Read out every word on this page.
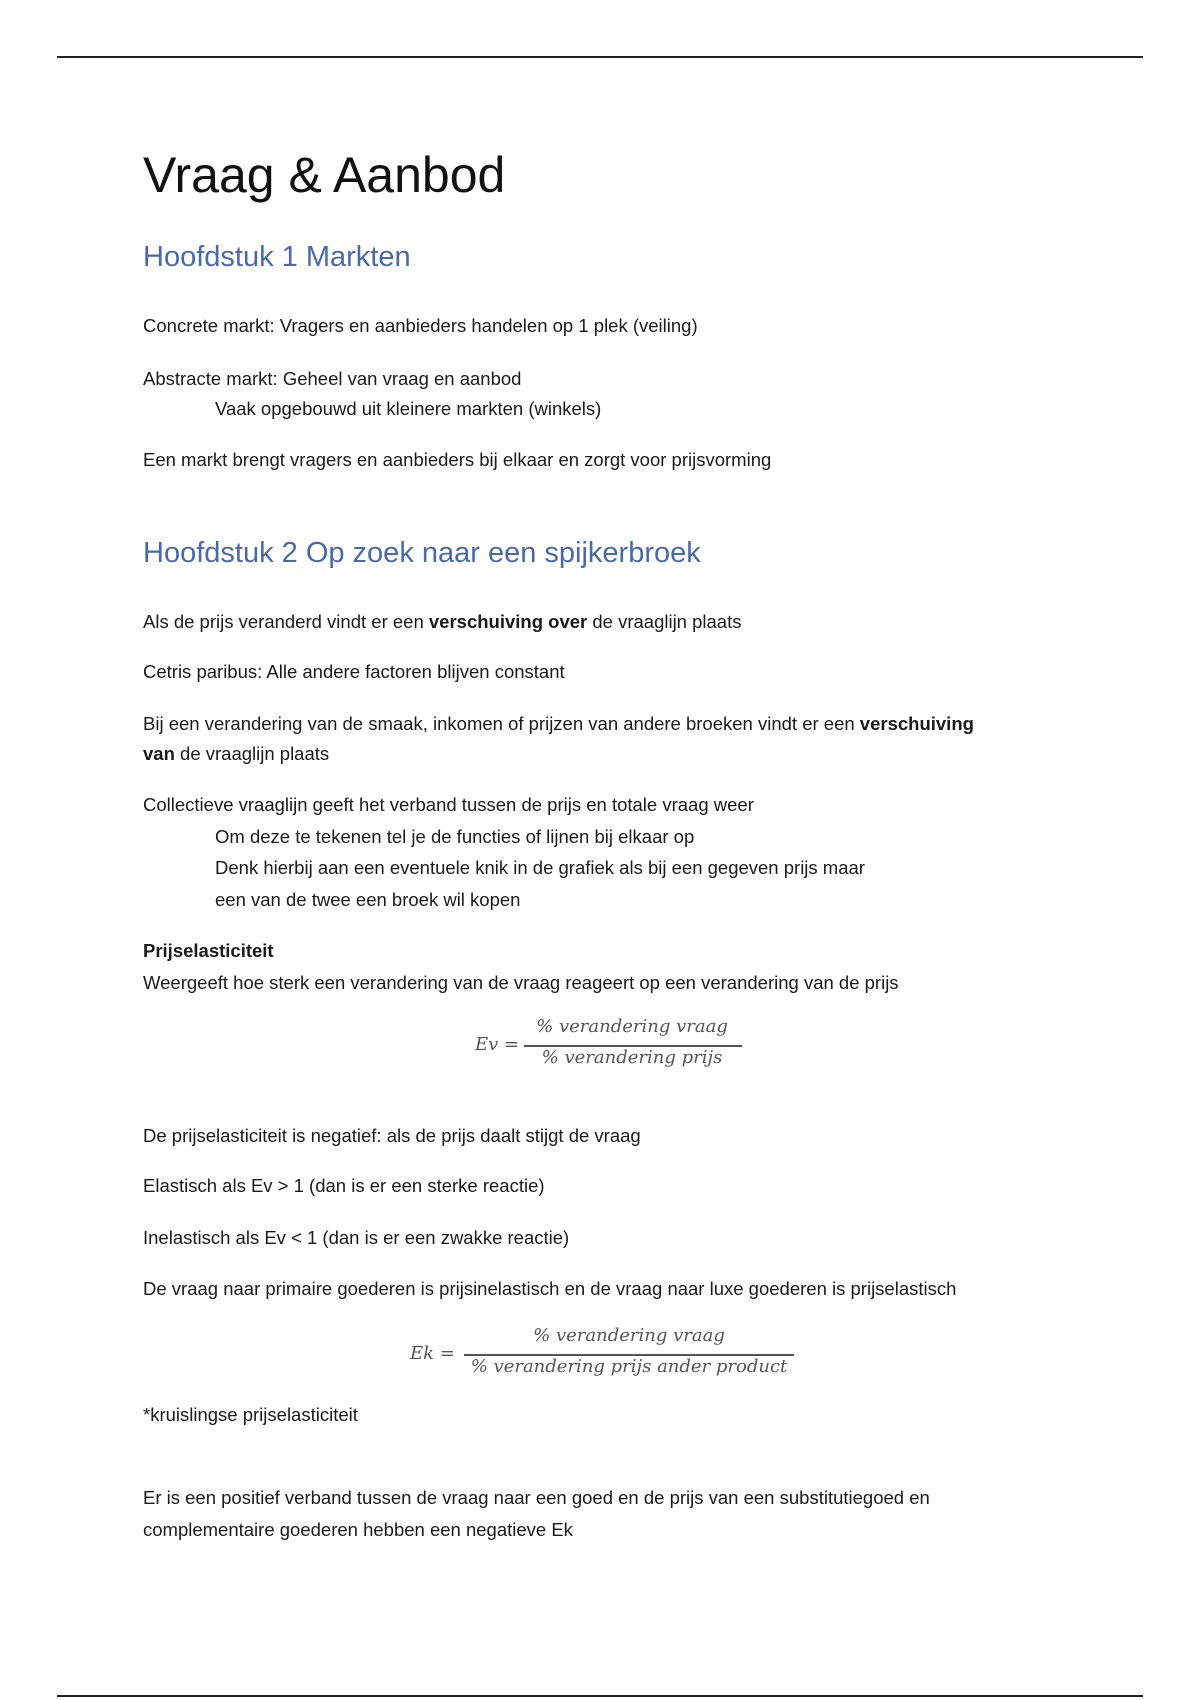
Vraag & Aanbod
Hoofdstuk 1 Markten
Concrete markt: Vragers en aanbieders handelen op 1 plek (veiling)
Abstracte markt: Geheel van vraag en aanbod
Vaak opgebouwd uit kleinere markten (winkels)
Een markt brengt vragers en aanbieders bij elkaar en zorgt voor prijsvorming
Hoofdstuk 2 Op zoek naar een spijkerbroek
Als de prijs veranderd vindt er een verschuiving over de vraaglijn plaats
Cetris paribus: Alle andere factoren blijven constant
Bij een verandering van de smaak, inkomen of prijzen van andere broeken vindt er een verschuiving
van de vraaglijn plaats
Collectieve vraaglijn geeft het verband tussen de prijs en totale vraag weer
Om deze te tekenen tel je de functies of lijnen bij elkaar op
Denk hierbij aan een eventuele knik in de grafiek als bij een gegeven prijs maar
een van de twee een broek wil kopen
Prijselasticiteit
Weergeeft hoe sterk een verandering van de vraag reageert op een verandering van de prijs
Ev =
% verandering vraag
% verandering prijs
De prijselasticiteit is negatief: als de prijs daalt stijgt de vraag
Elastisch als Ev > 1 (dan is er een sterke reactie)
Inelastisch als Ev < 1 (dan is er een zwakke reactie)
De vraag naar primaire goederen is prijsinelastisch en de vraag naar luxe goederen is prijselastisch
Ek =
% verandering vraag
% verandering prijs ander product
*kruislingse prijselasticiteit
Er is een positief verband tussen de vraag naar een goed en de prijs van een substitutiegoed en
complementaire goederen hebben een negatieve Ek
